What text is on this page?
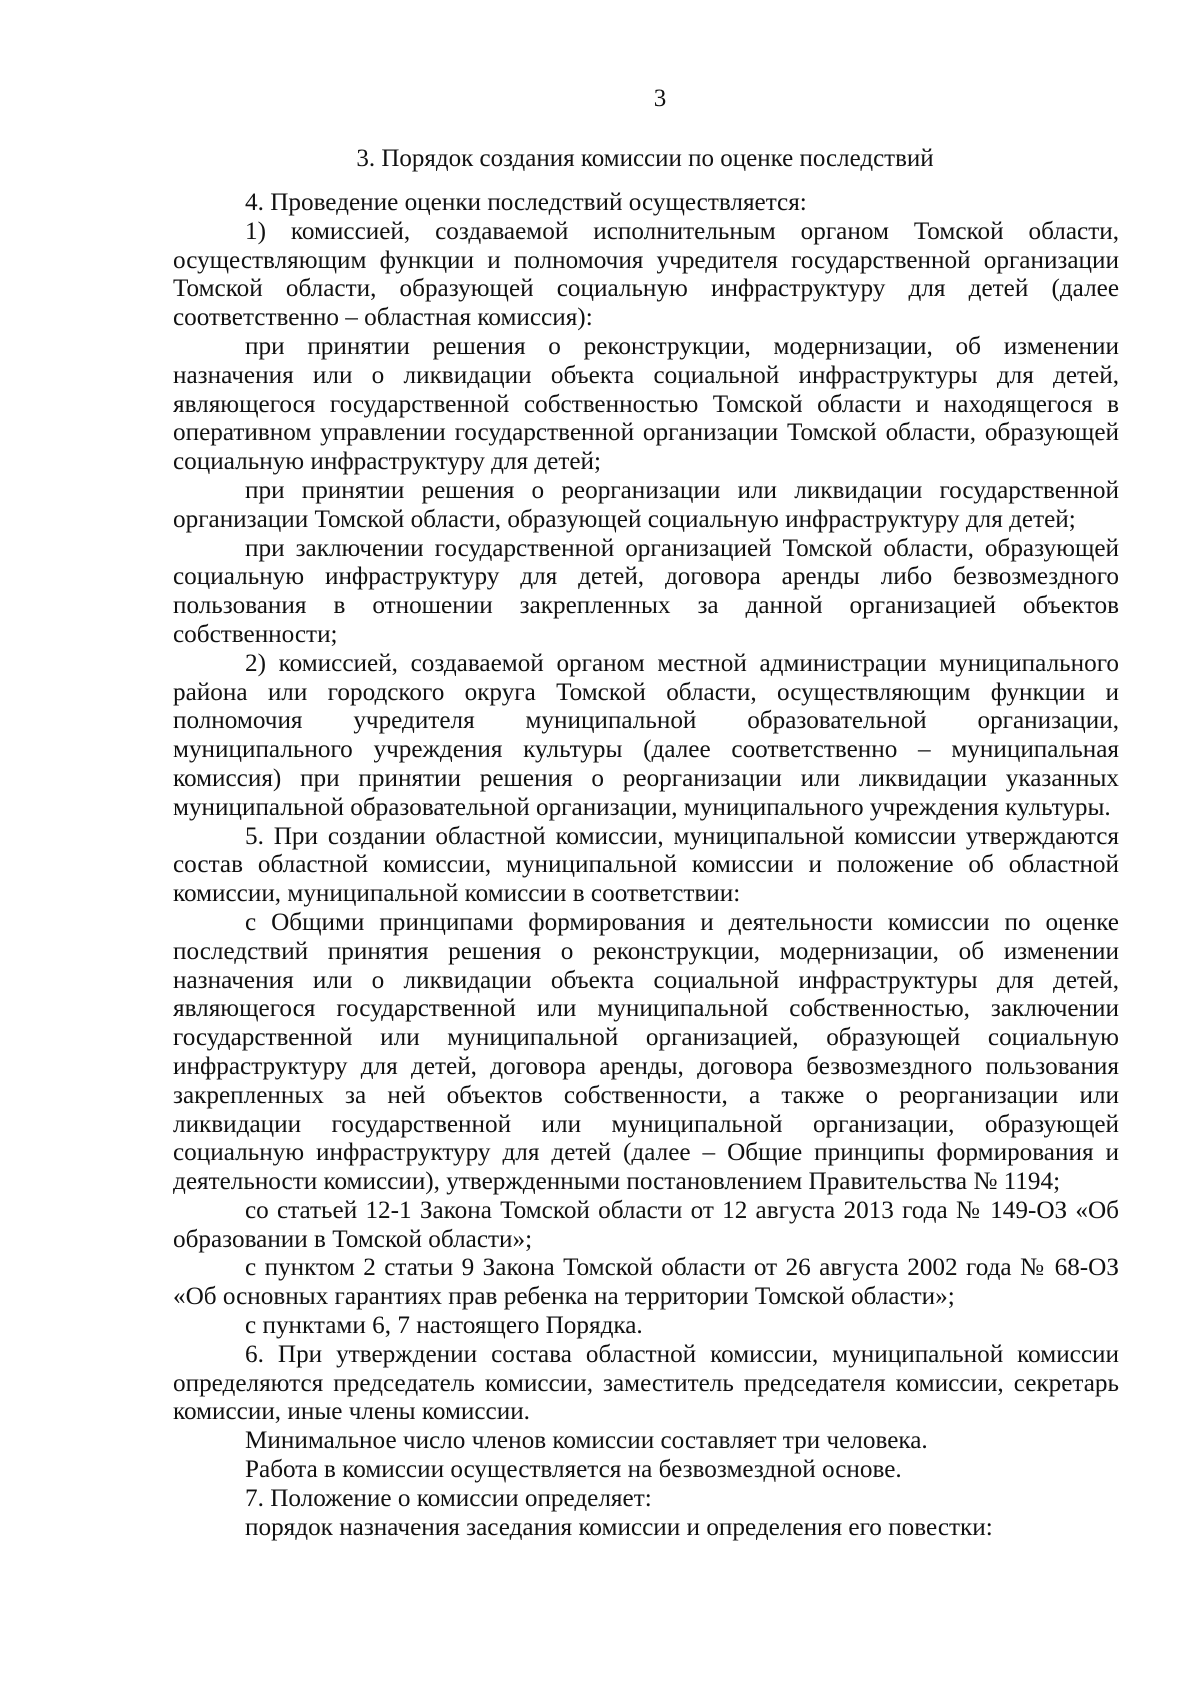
3
3. Порядок создания комиссии по оценке последствий

4. Проведение оценки последствий осуществляется:

1) комиссией, создаваемой исполнительным органом Томской области, осуществляющим функции и полномочия учредителя государственной организации Томской области, образующей социальную инфраструктуру для детей (далее соответственно – областная комиссия):

при принятии решения о реконструкции, модернизации, об изменении назначения или о ликвидации объекта социальной инфраструктуры для детей, являющегося государственной собственностью Томской области и находящегося в оперативном управлении государственной организации Томской области, образующей социальную инфраструктуру для детей;

при принятии решения о реорганизации или ликвидации государственной организации Томской области, образующей социальную инфраструктуру для детей;

при заключении государственной организацией Томской области, образующей социальную инфраструктуру для детей, договора аренды либо безвозмездного пользования в отношении закрепленных за данной организацией объектов собственности;

2) комиссией, создаваемой органом местной администрации муниципального района или городского округа Томской области, осуществляющим функции и полномочия учредителя муниципальной образовательной организации, муниципального учреждения культуры (далее соответственно – муниципальная комиссия) при принятии решения о реорганизации или ликвидации указанных муниципальной образовательной организации, муниципального учреждения культуры.

5. При создании областной комиссии, муниципальной комиссии утверждаются состав областной комиссии, муниципальной комиссии и положение об областной комиссии, муниципальной комиссии в соответствии:

с Общими принципами формирования и деятельности комиссии по оценке последствий принятия решения о реконструкции, модернизации, об изменении назначения или о ликвидации объекта социальной инфраструктуры для детей, являющегося государственной или муниципальной собственностью, заключении государственной или муниципальной организацией, образующей социальную инфраструктуру для детей, договора аренды, договора безвозмездного пользования закрепленных за ней объектов собственности, а также о реорганизации или ликвидации государственной или муниципальной организации, образующей социальную инфраструктуру для детей (далее – Общие принципы формирования и деятельности комиссии), утвержденными постановлением Правительства № 1194;

со статьей 12-1 Закона Томской области от 12 августа 2013 года № 149-ОЗ «Об образовании в Томской области»;

с пунктом 2 статьи 9 Закона Томской области от 26 августа 2002 года № 68-ОЗ «Об основных гарантиях прав ребенка на территории Томской области»;

с пунктами 6, 7 настоящего Порядка.

6. При утверждении состава областной комиссии, муниципальной комиссии определяются председатель комиссии, заместитель председателя комиссии, секретарь комиссии, иные члены комиссии.

Минимальное число членов комиссии составляет три человека.

Работа в комиссии осуществляется на безвозмездной основе.

7. Положение о комиссии определяет:

порядок назначения заседания комиссии и определения его повестки:
